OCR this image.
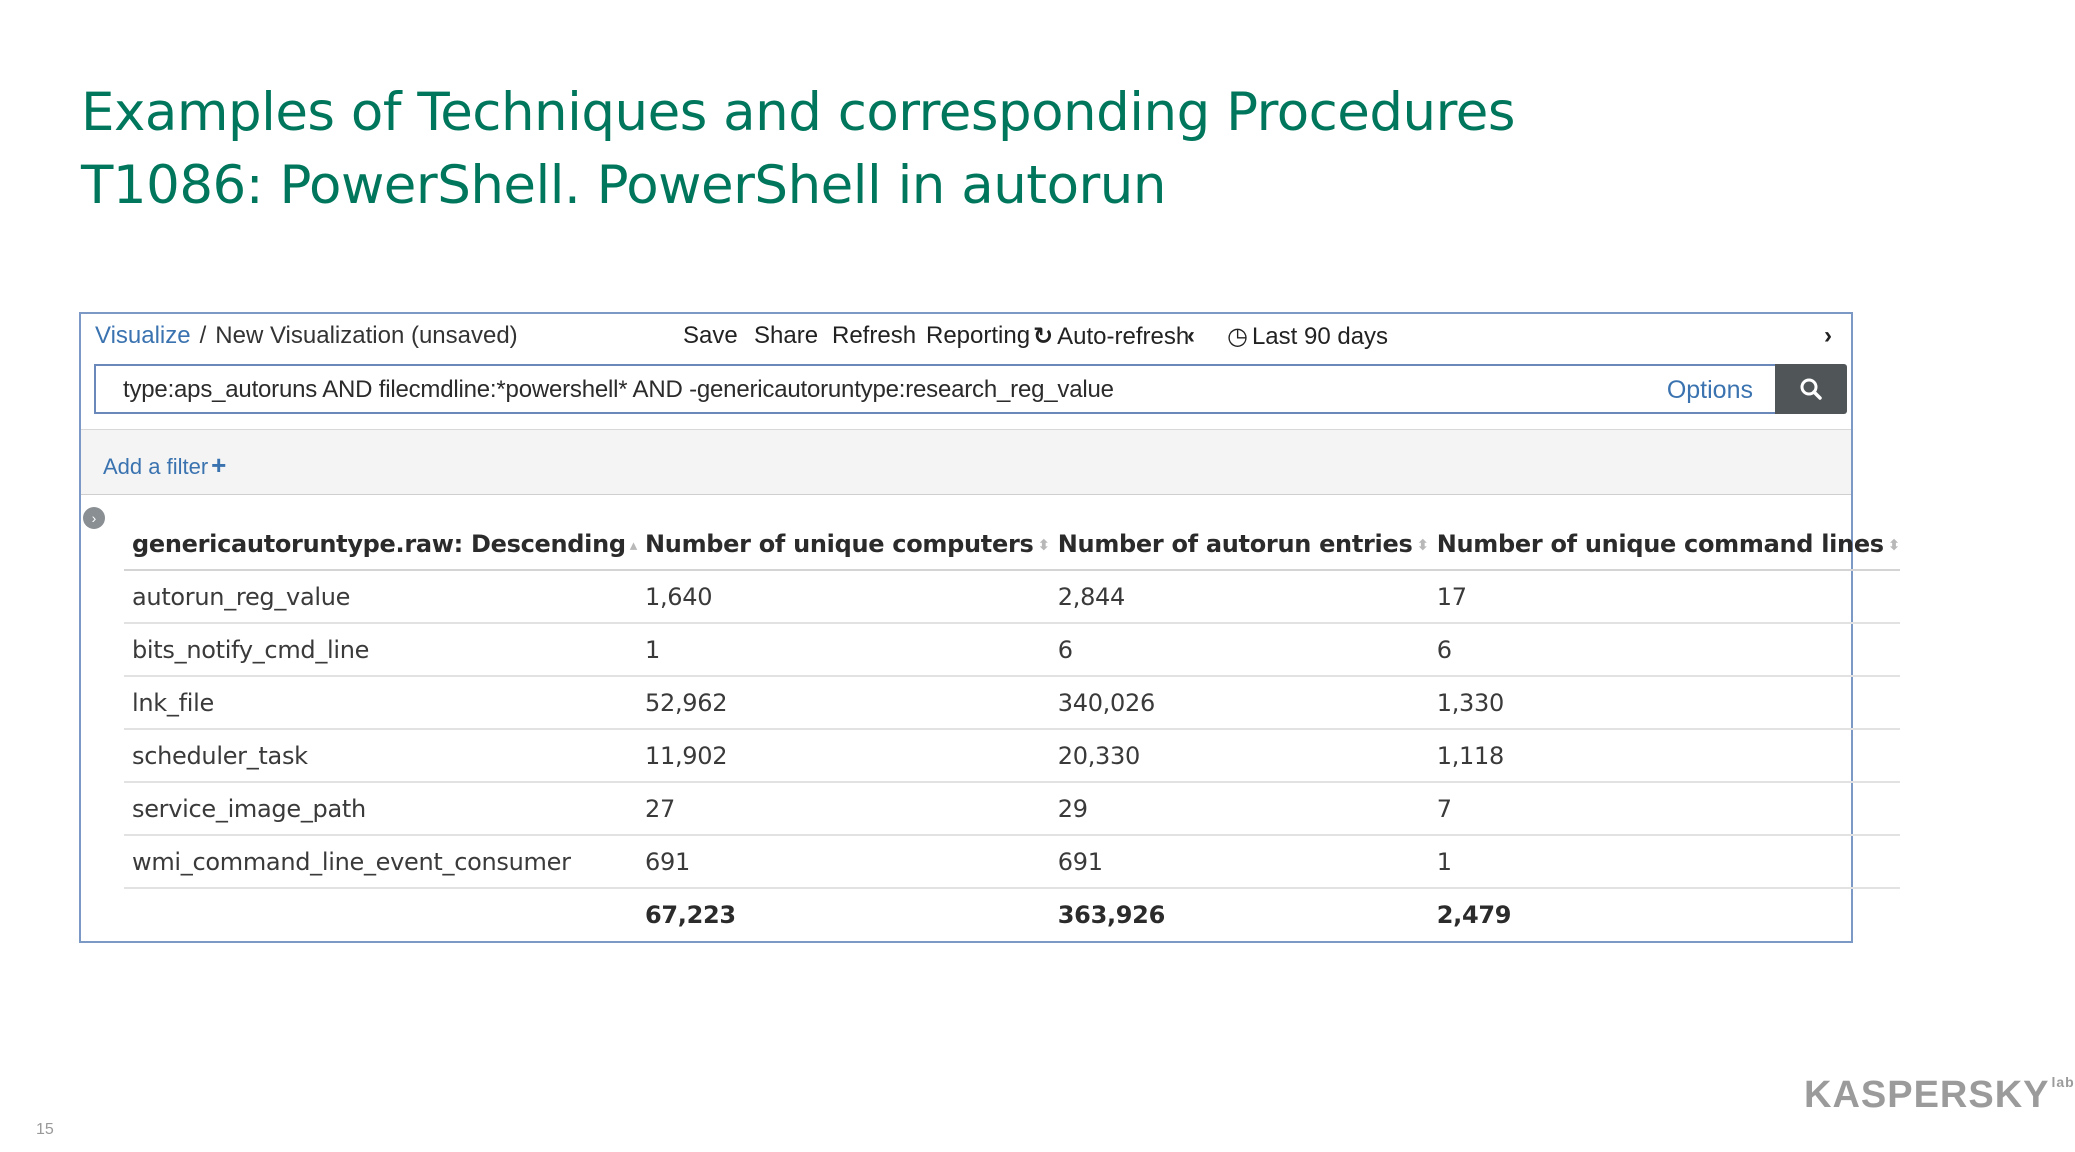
Examples of Techniques and corresponding Procedures
T1086: PowerShell. PowerShell in autorun
Visualize / New Visualization (unsaved)	Save Share Refresh Reporting ↻ Auto-refresh
‹ ◷ Last 90 days	›
type:aps_autoruns AND filecmdline:*powershell* AND -genericautoruntype:research_reg_value	Options
Add a filter +
›
genericautoruntype.raw: Descending ▴	Number of unique computers ⬍	Number of autorun entries ⬍	Number of unique command lines ⬍
autorun_reg_value	1,640	2,844	17
bits_notify_cmd_line	1	6	6
lnk_file	52,962	340,026	1,330
scheduler_task	11,902	20,330	1,118
service_image_path	27	29	7
wmi_command_line_event_consumer	691	691	1
	67,223	363,926	2,479
15
KASPERSKY $^{lab}$
